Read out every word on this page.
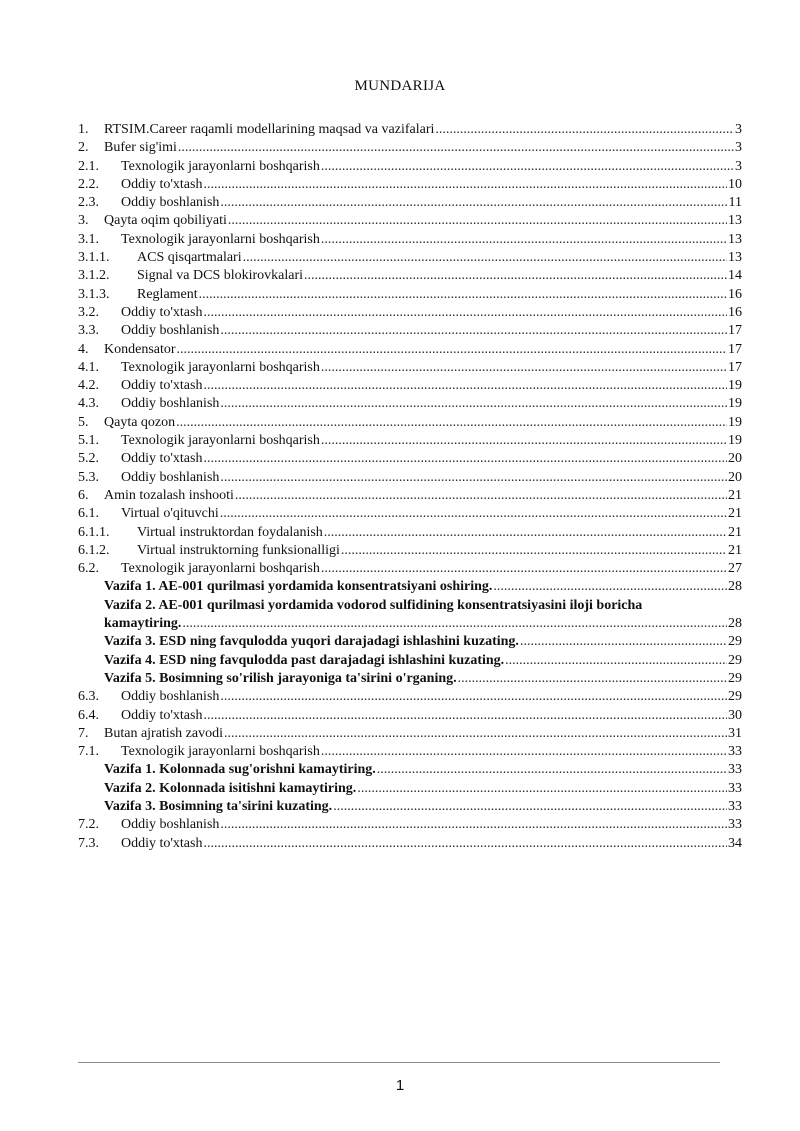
MUNDARIJA
1.	RTSIM.Career raqamli modellarining maqsad va vazifalari .....	3
2.	Bufer sig'imi .....	3
2.1.	Texnologik jarayonlarni boshqarish .....	3
2.2.	Oddiy to'xtash .....	10
2.3.	Oddiy boshlanish .....	11
3.	Qayta oqim qobiliyati .....	13
3.1.	Texnologik jarayonlarni boshqarish .....	13
3.1.1.	ACS qisqartmalari .....	13
3.1.2.	Signal va DCS blokirovkalari .....	14
3.1.3.	Reglament .....	16
3.2.	Oddiy to'xtash .....	16
3.3.	Oddiy boshlanish .....	17
4.	Kondensator .....	17
4.1.	Texnologik jarayonlarni boshqarish .....	17
4.2.	Oddiy to'xtash .....	19
4.3.	Oddiy boshlanish .....	19
5.	Qayta qozon .....	19
5.1.	Texnologik jarayonlarni boshqarish .....	19
5.2.	Oddiy to'xtash .....	20
5.3.	Oddiy boshlanish .....	20
6.	Amin tozalash inshooti .....	21
6.1.	Virtual o'qituvchi .....	21
6.1.1.	Virtual instruktordan foydalanish .....	21
6.1.2.	Virtual instruktorning funksionalligi .....	21
6.2.	Texnologik jarayonlarni boshqarish .....	27
Vazifa 1. AE-001 qurilmasi yordamida konsentratsiyani oshiring. .....	28
Vazifa 2. AE-001 qurilmasi yordamida vodorod sulfidining konsentratsiyasini iloji boricha
kamaytiring. .....	28
Vazifa 3. ESD ning favqulodda yuqori darajadagi ishlashini kuzating. .....	29
Vazifa 4. ESD ning favqulodda past darajadagi ishlashini kuzating. .....	29
Vazifa 5. Bosimning so'rilish jarayoniga ta'sirini o'rganing. .....	29
6.3.	Oddiy boshlanish .....	29
6.4.	Oddiy to'xtash .....	30
7.	Butan ajratish zavodi .....	31
7.1.	Texnologik jarayonlarni boshqarish .....	33
Vazifa 1. Kolonnada sug'orishni kamaytiring. .....	33
Vazifa 2. Kolonnada isitishni kamaytiring. .....	33
Vazifa 3. Bosimning ta'sirini kuzating. .....	33
7.2.	Oddiy boshlanish .....	33
7.3.	Oddiy to'xtash .....	34
1
